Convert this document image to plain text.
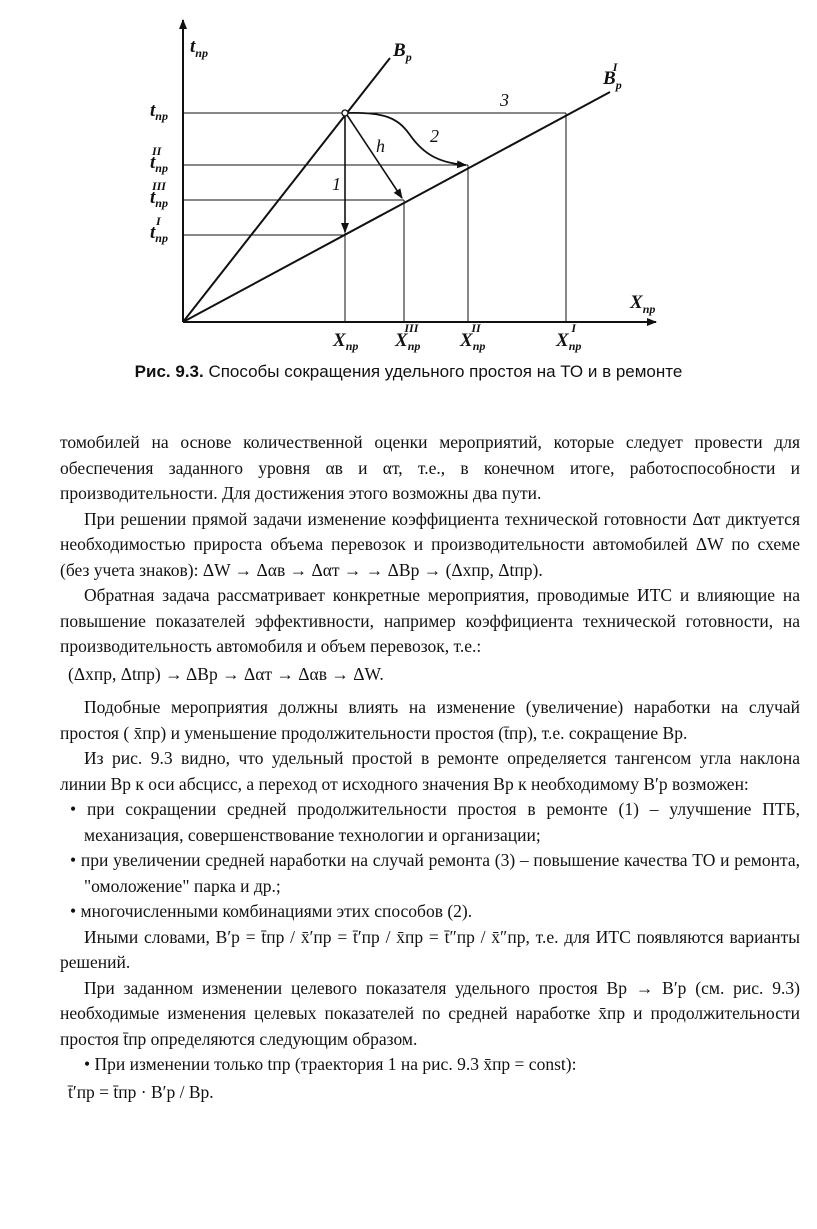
$t_{пр}$
$X_{пр}$
$B_р$
$B_рI$
$t_{пр}$
$t_{пр}II$
$t_{пр}III$
$t_{пр}I$
$X_{пр}$ $X_{пр}III$
$X_{пр}II$
$X_{пр}I$
1
2
3
h
Рис. 9.3. Способы сокращения удельного простоя на ТО и в ремонте

томобилей на основе количественной оценки мероприятий, которые следует провести для обеспечения заданного уровня αв и αт, т.е., в конечном итоге, работоспособности и производительности. Для достижения этого возможны два пути.

При решении прямой задачи изменение коэффициента технической готовности Δαт диктуется необходимостью прироста объема перевозок и производительности автомобилей ΔW по схеме (без учета знаков): ΔW → Δαв → Δαт → → ΔBр → (Δxпр, Δtпр).

Обратная задача рассматривает конкретные мероприятия, проводимые ИТС и влияющие на повышение показателей эффективности, например коэффициента технической готовности, на производительность автомобиля и объем перевозок, т.е.:

(Δxпр, Δtпр) → ΔBр → Δαт → Δαв → ΔW.

Подобные мероприятия должны влиять на изменение (увеличение) наработки на случай простоя ( x̄пр) и уменьшение продолжительности простоя (t̄пр), т.е. сокращение Bр.

Из рис. 9.3 видно, что удельный простой в ремонте определяется тангенсом угла наклона линии Bр к оси абсцисс, а переход от исходного значения Bр к необходимому B′р возможен:

• при сокращении средней продолжительности простоя в ремонте (1) – улучшение ПТБ, механизация, совершенствование технологии и организации;

• при увеличении средней наработки на случай ремонта (3) – повышение качества ТО и ремонта, "омоложение" парка и др.;

• многочисленными комбинациями этих способов (2).

Иными словами, B′р = t̄пр / x̄′пр = t̄′пр / x̄пр = t̄″пр / x̄″пр, т.е. для ИТС появляются варианты решений.

При заданном изменении целевого показателя удельного простоя Bр → B′р (см. рис. 9.3) необходимые изменения целевых показателей по средней наработке x̄пр и продолжительности простоя t̄пр определяются следующим образом.

• При изменении только tпр (траектория 1 на рис. 9.3 x̄пр = const):

t̄′пр = t̄пр · B′р / Bр.
